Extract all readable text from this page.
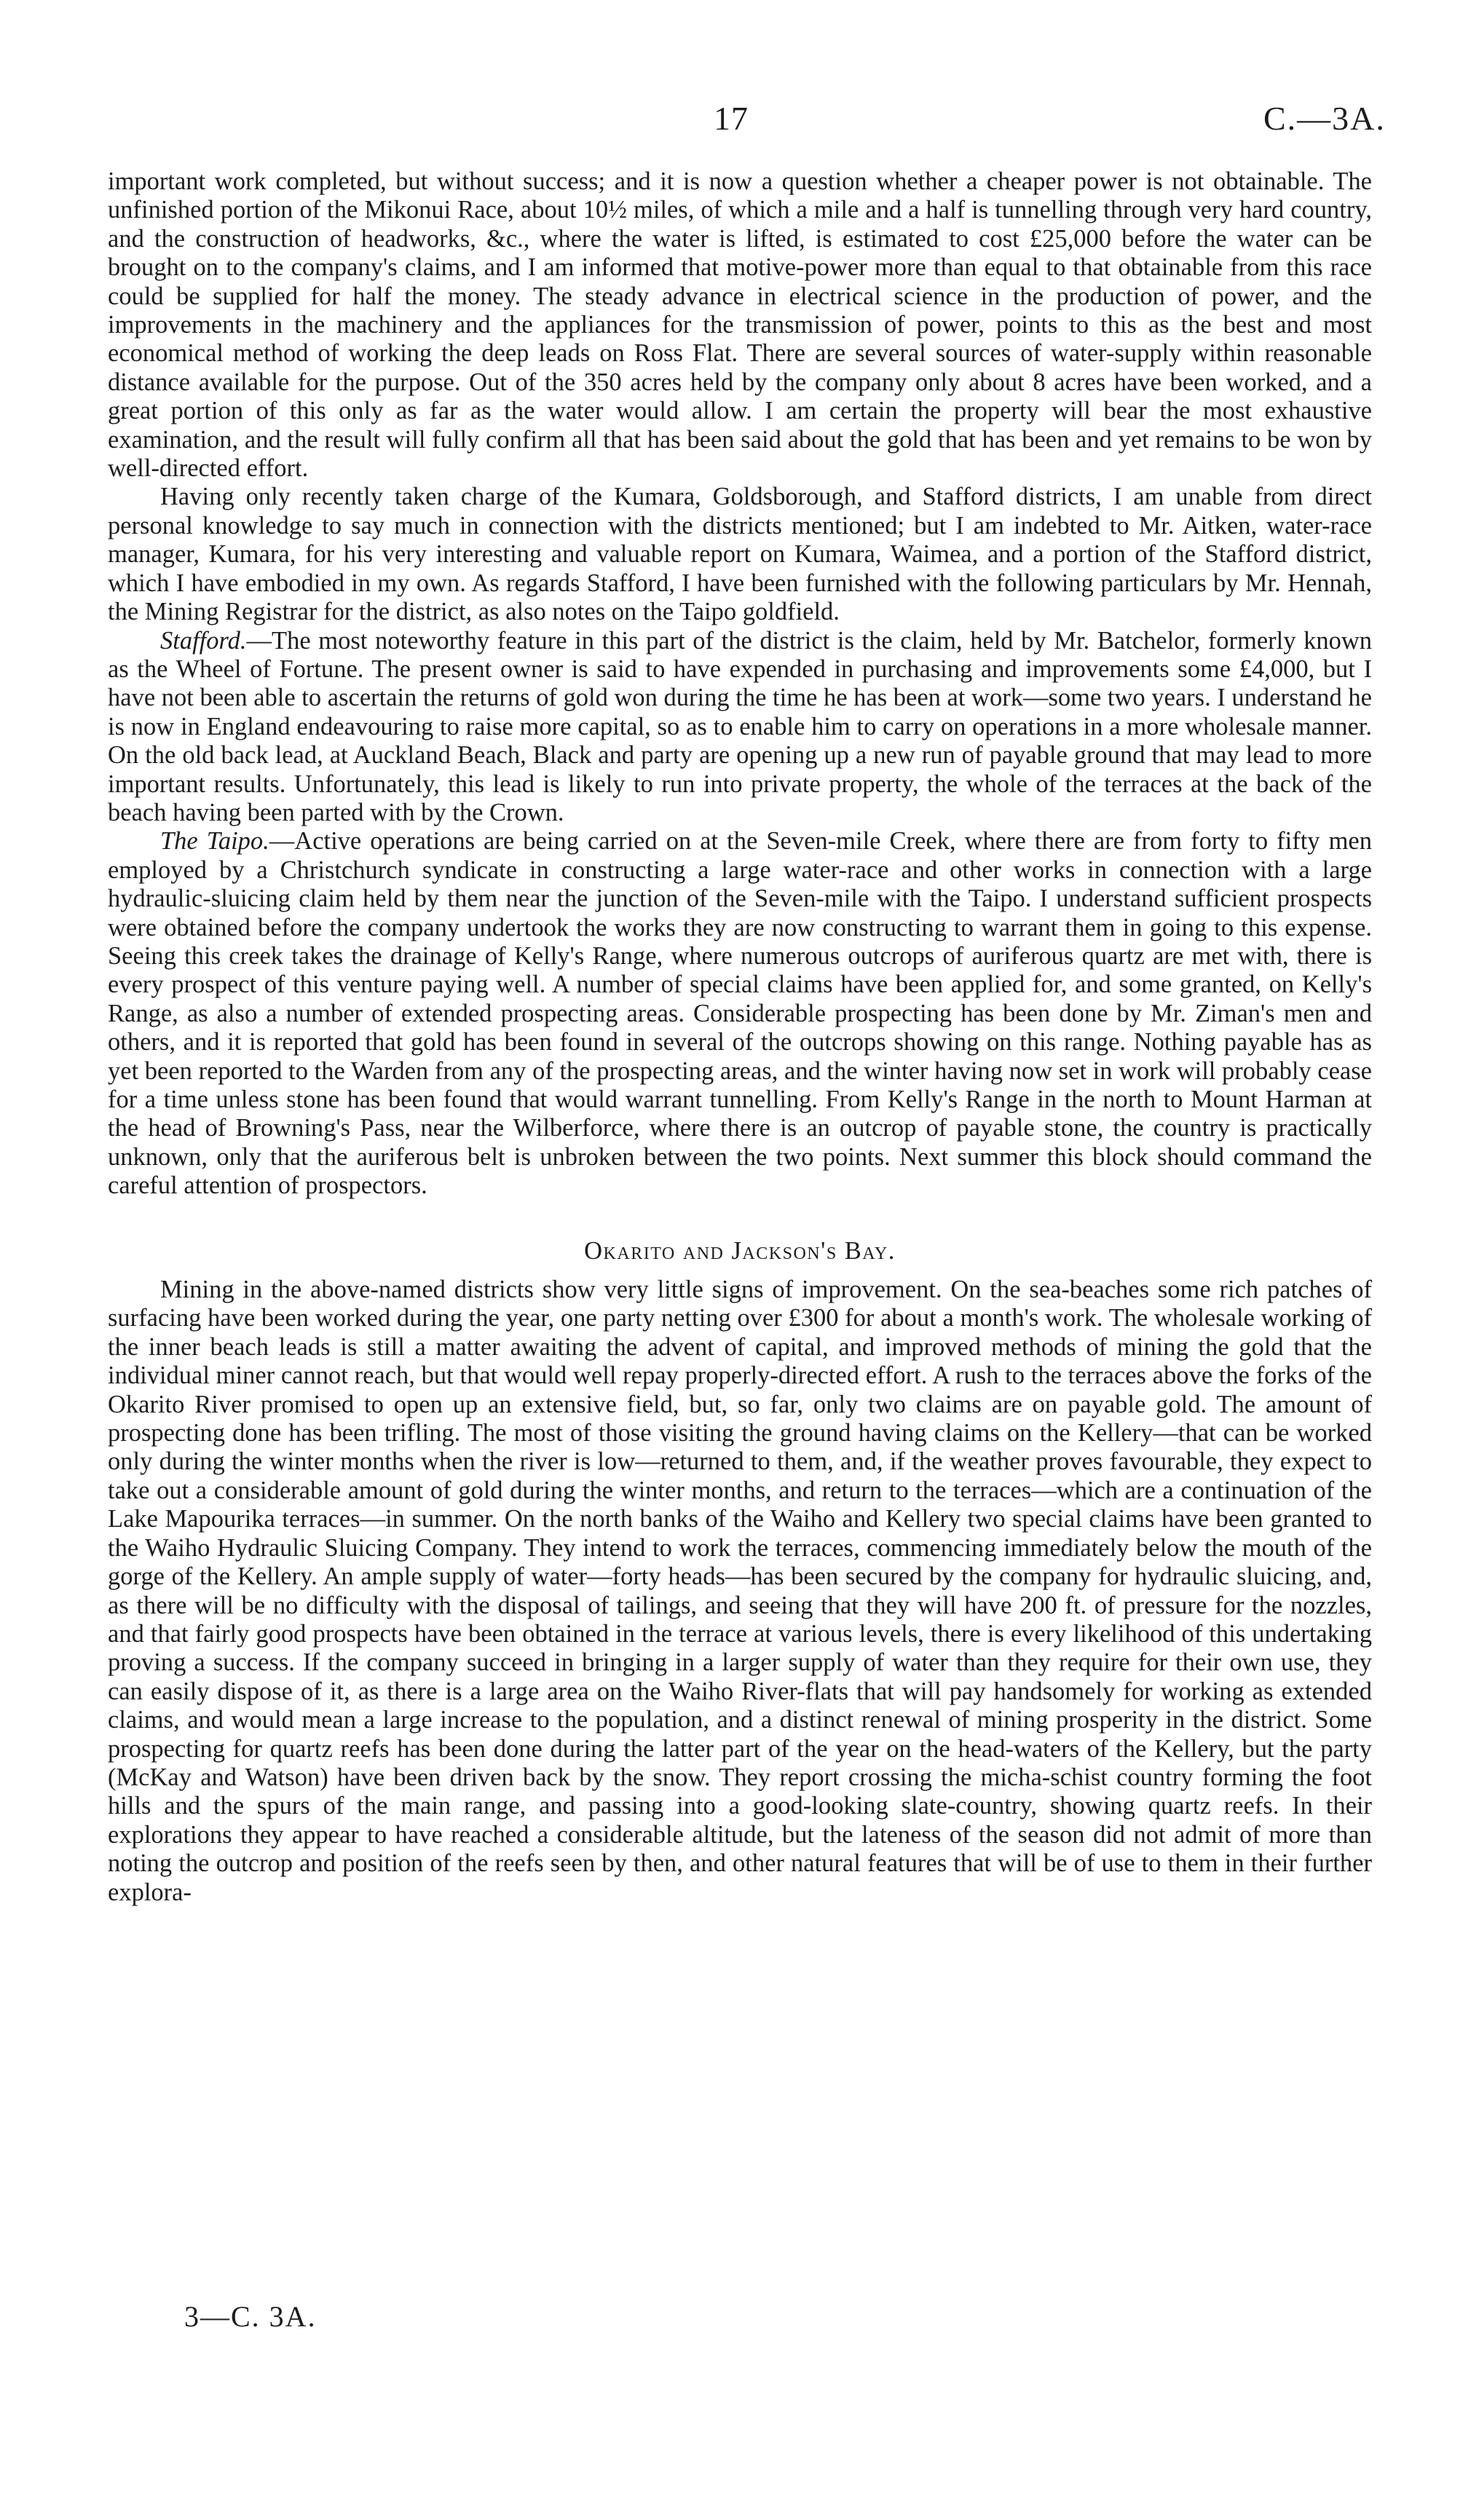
17	C.—3A.

important work completed, but without success; and it is now a question whether a cheaper power is not obtainable. The unfinished portion of the Mikonui Race, about 10½ miles, of which a mile and a half is tunnelling through very hard country, and the construction of headworks, &c., where the water is lifted, is estimated to cost £25,000 before the water can be brought on to the company's claims, and I am informed that motive-power more than equal to that obtainable from this race could be supplied for half the money. The steady advance in electrical science in the production of power, and the improvements in the machinery and the appliances for the transmission of power, points to this as the best and most economical method of working the deep leads on Ross Flat. There are several sources of water-supply within reasonable distance available for the purpose. Out of the 350 acres held by the company only about 8 acres have been worked, and a great portion of this only as far as the water would allow. I am certain the property will bear the most exhaustive examination, and the result will fully confirm all that has been said about the gold that has been and yet remains to be won by well-directed effort.

Having only recently taken charge of the Kumara, Goldsborough, and Stafford districts, I am unable from direct personal knowledge to say much in connection with the districts mentioned; but I am indebted to Mr. Aitken, water-race manager, Kumara, for his very interesting and valuable report on Kumara, Waimea, and a portion of the Stafford district, which I have embodied in my own. As regards Stafford, I have been furnished with the following particulars by Mr. Hennah, the Mining Registrar for the district, as also notes on the Taipo goldfield.

Stafford.—The most noteworthy feature in this part of the district is the claim, held by Mr. Batchelor, formerly known as the Wheel of Fortune. The present owner is said to have expended in purchasing and improvements some £4,000, but I have not been able to ascertain the returns of gold won during the time he has been at work—some two years. I understand he is now in England endeavouring to raise more capital, so as to enable him to carry on operations in a more wholesale manner. On the old back lead, at Auckland Beach, Black and party are opening up a new run of payable ground that may lead to more important results. Unfortunately, this lead is likely to run into private property, the whole of the terraces at the back of the beach having been parted with by the Crown.

The Taipo.—Active operations are being carried on at the Seven-mile Creek, where there are from forty to fifty men employed by a Christchurch syndicate in constructing a large water-race and other works in connection with a large hydraulic-sluicing claim held by them near the junction of the Seven-mile with the Taipo. I understand sufficient prospects were obtained before the company undertook the works they are now constructing to warrant them in going to this expense. Seeing this creek takes the drainage of Kelly's Range, where numerous outcrops of auriferous quartz are met with, there is every prospect of this venture paying well. A number of special claims have been applied for, and some granted, on Kelly's Range, as also a number of extended prospecting areas. Considerable prospecting has been done by Mr. Ziman's men and others, and it is reported that gold has been found in several of the outcrops showing on this range. Nothing payable has as yet been reported to the Warden from any of the prospecting areas, and the winter having now set in work will probably cease for a time unless stone has been found that would warrant tunnelling. From Kelly's Range in the north to Mount Harman at the head of Browning's Pass, near the Wilberforce, where there is an outcrop of payable stone, the country is practically unknown, only that the auriferous belt is unbroken between the two points. Next summer this block should command the careful attention of prospectors.

Okarito and Jackson's Bay.

Mining in the above-named districts show very little signs of improvement. On the sea-beaches some rich patches of surfacing have been worked during the year, one party netting over £300 for about a month's work. The wholesale working of the inner beach leads is still a matter awaiting the advent of capital, and improved methods of mining the gold that the individual miner cannot reach, but that would well repay properly-directed effort. A rush to the terraces above the forks of the Okarito River promised to open up an extensive field, but, so far, only two claims are on payable gold. The amount of prospecting done has been trifling. The most of those visiting the ground having claims on the Kellery—that can be worked only during the winter months when the river is low—returned to them, and, if the weather proves favourable, they expect to take out a considerable amount of gold during the winter months, and return to the terraces—which are a continuation of the Lake Mapourika terraces—in summer. On the north banks of the Waiho and Kellery two special claims have been granted to the Waiho Hydraulic Sluicing Company. They intend to work the terraces, commencing immediately below the mouth of the gorge of the Kellery. An ample supply of water—forty heads—has been secured by the company for hydraulic sluicing, and, as there will be no difficulty with the disposal of tailings, and seeing that they will have 200 ft. of pressure for the nozzles, and that fairly good prospects have been obtained in the terrace at various levels, there is every likelihood of this undertaking proving a success. If the company succeed in bringing in a larger supply of water than they require for their own use, they can easily dispose of it, as there is a large area on the Waiho River-flats that will pay handsomely for working as extended claims, and would mean a large increase to the population, and a distinct renewal of mining prosperity in the district. Some prospecting for quartz reefs has been done during the latter part of the year on the head-waters of the Kellery, but the party (McKay and Watson) have been driven back by the snow. They report crossing the micha-schist country forming the foot hills and the spurs of the main range, and passing into a good-looking slate-country, showing quartz reefs. In their explorations they appear to have reached a considerable altitude, but the lateness of the season did not admit of more than noting the outcrop and position of the reefs seen by then, and other natural features that will be of use to them in their further explora-

3—C. 3A.
